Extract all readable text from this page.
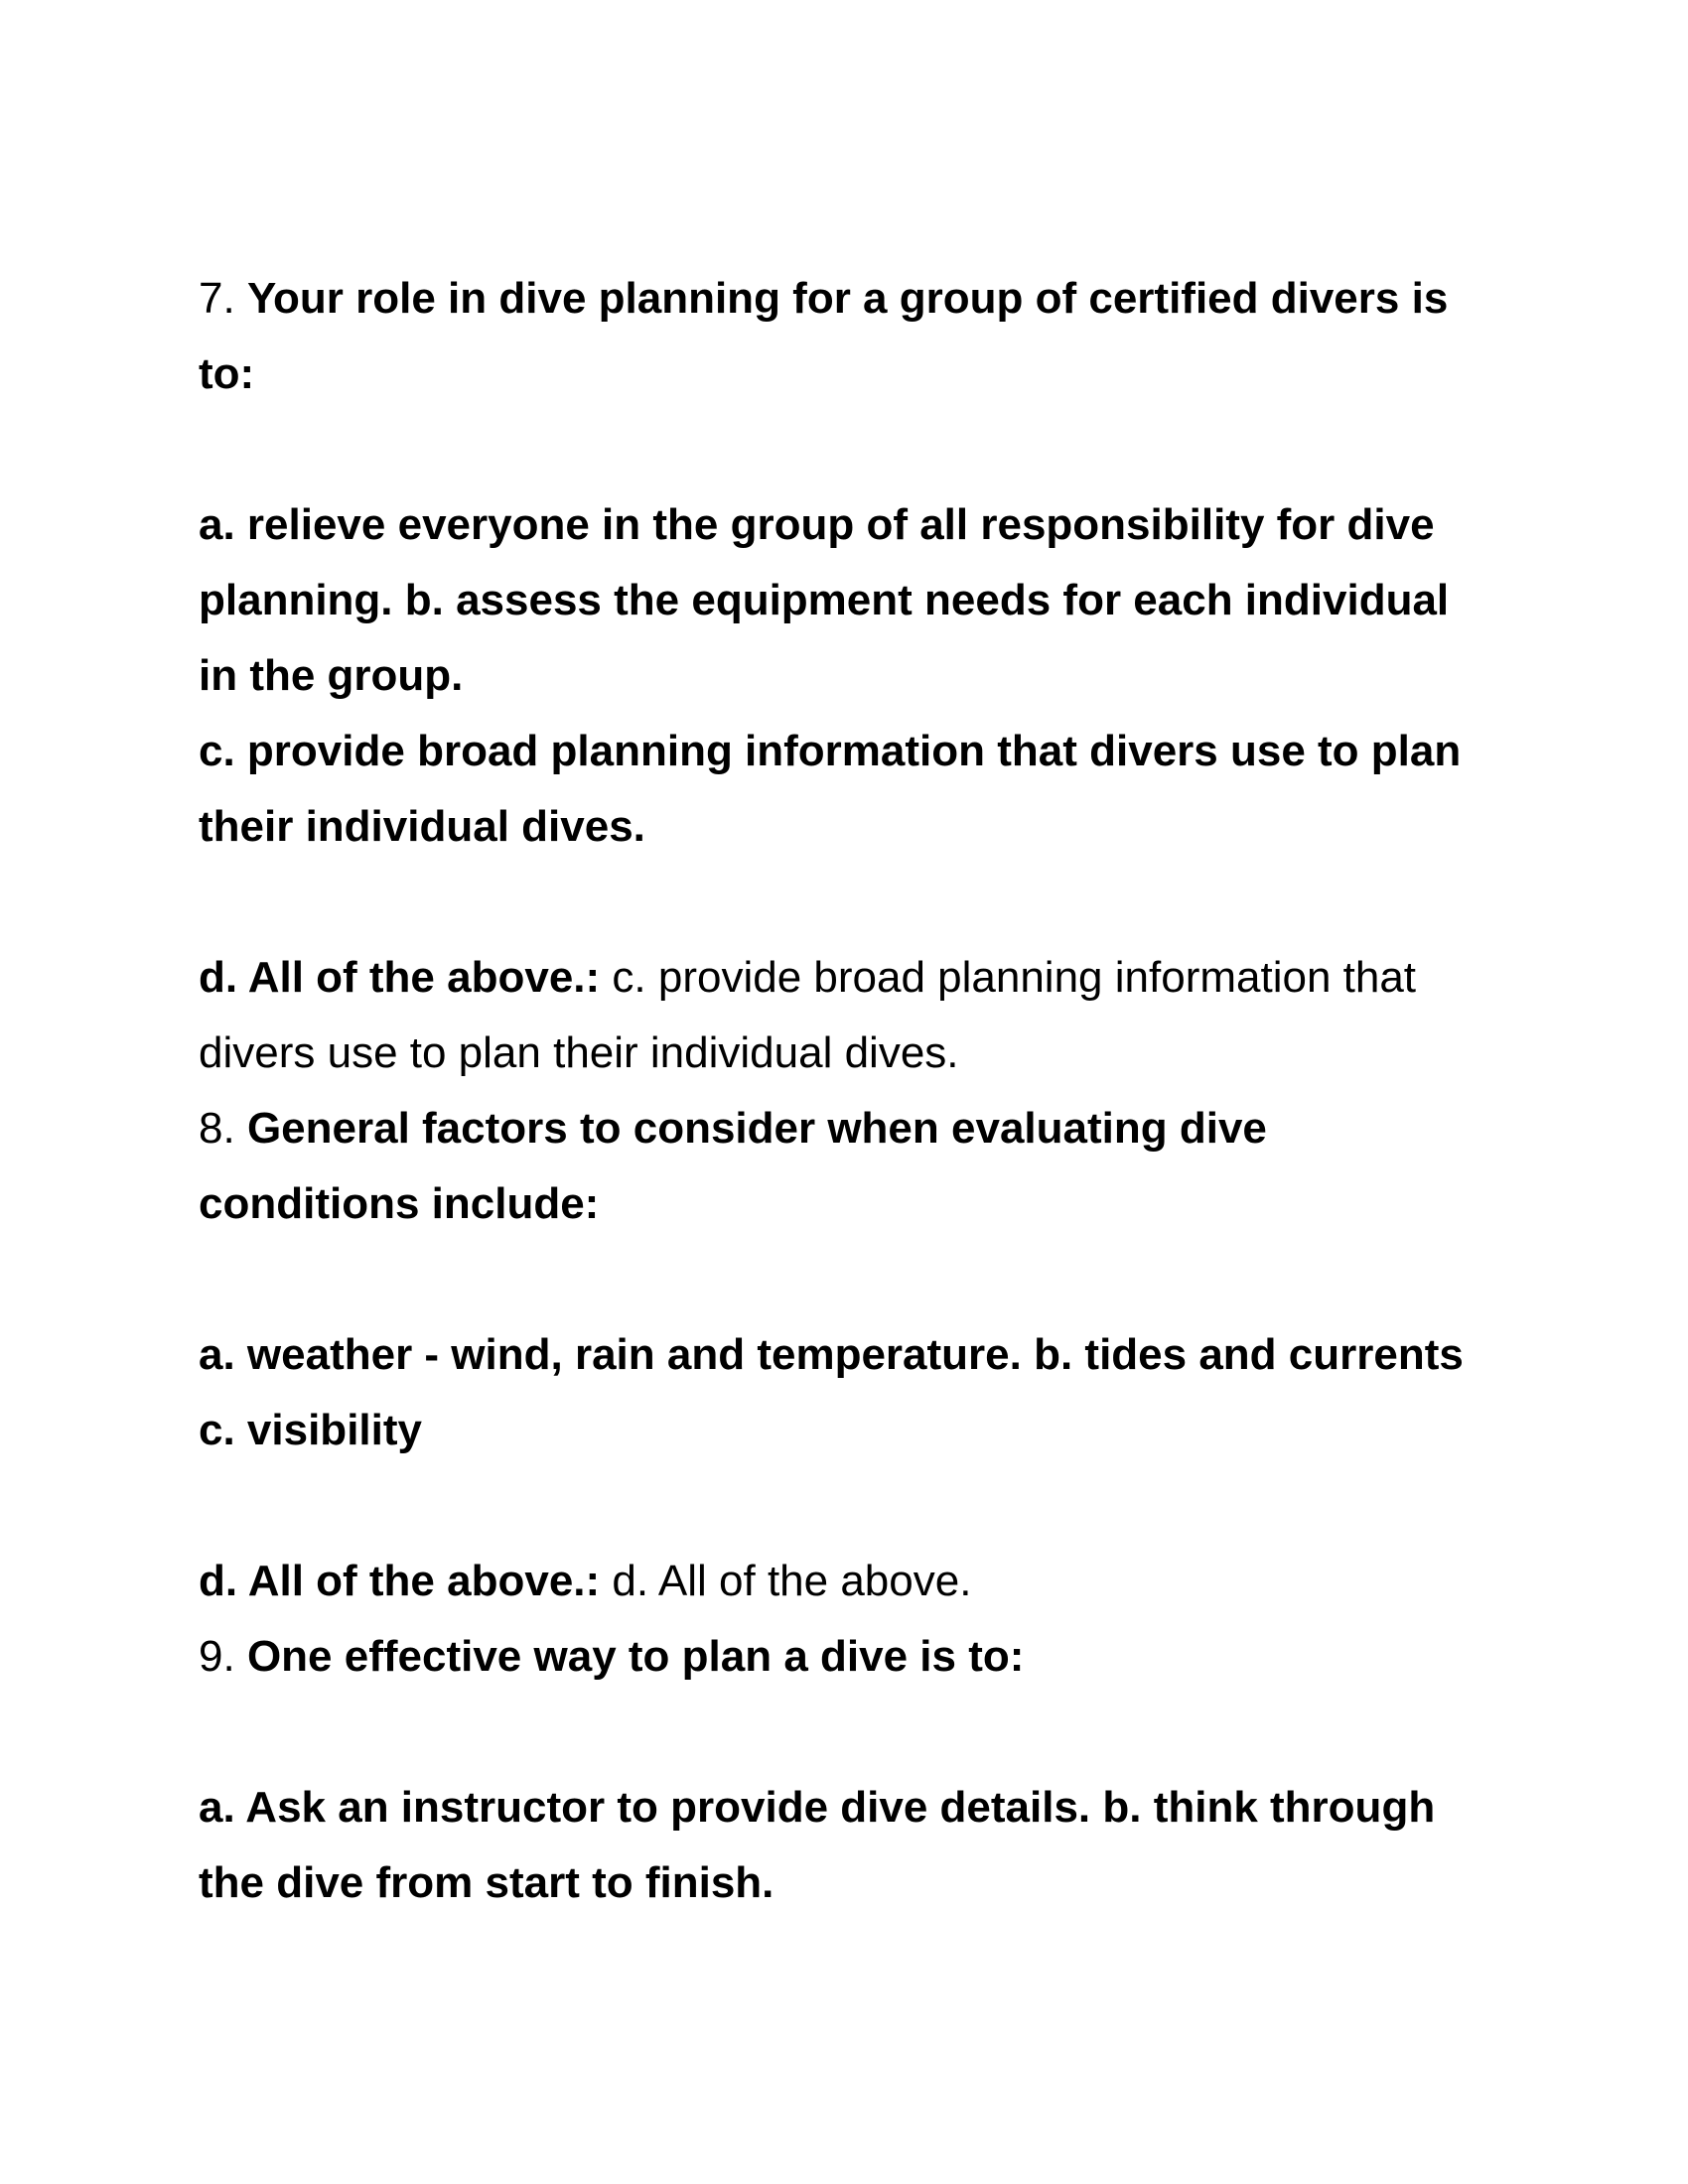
7. Your role in dive planning for a group of certified divers is to:

a. relieve everyone in the group of all responsibility for dive planning. b. assess the equipment needs for each individual in the group.

c. provide broad planning information that divers use to plan their individual dives.

d. All of the above.: c. provide broad planning information that divers use to plan their individual dives.

8. General factors to consider when evaluating dive conditions include:

a. weather - wind, rain and temperature. b. tides and currents c. visibility

d. All of the above.: d. All of the above.

9. One effective way to plan a dive is to:

a. Ask an instructor to provide dive details. b. think through the dive from start to finish.
